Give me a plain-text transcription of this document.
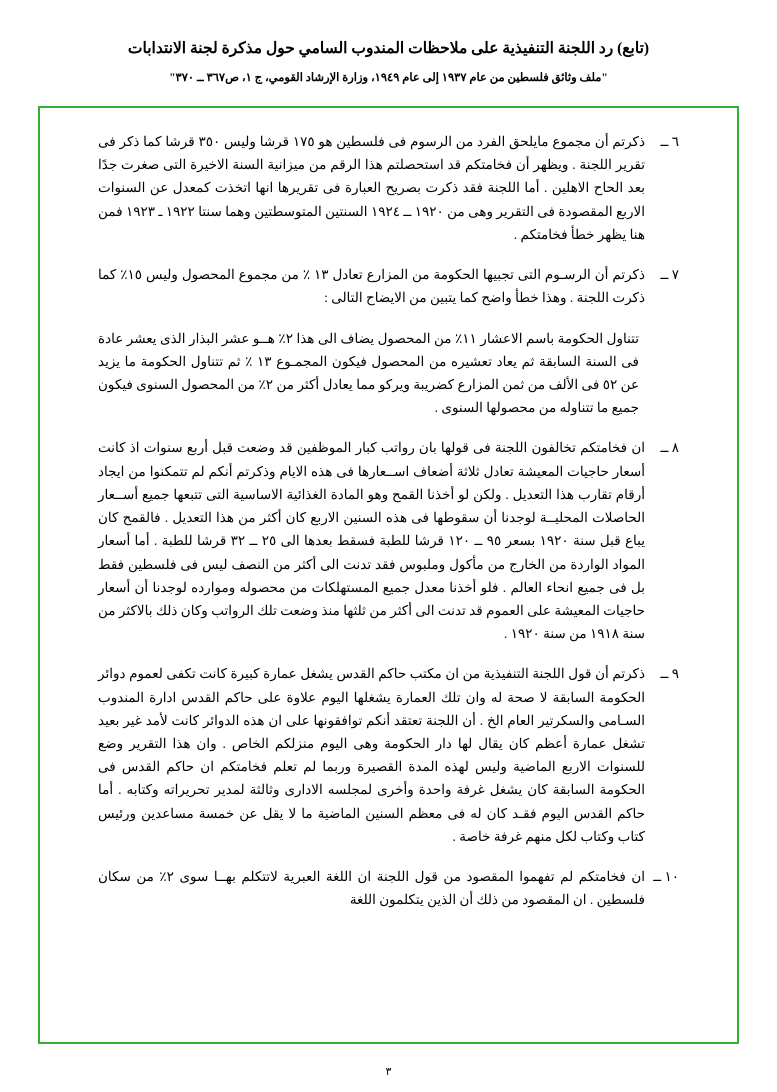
(تابع) رد اللجنة التنفيذية على ملاحظات المندوب السامي حول مذكرة لجنة الانتدابات
"ملف وثائق فلسطين من عام ١٩٣٧ إلى عام ١٩٤٩، وزارة الإرشاد القومي، ج ١، ص٣٦٧ ــ ٣٧٠"
٦ ــ
ذكرتم أن مجموع مايلحق الفرد من الرسوم فى فلسطين هو ١٧٥ قرشا وليس ٣٥٠ قرشا كما ذكر فى تقرير اللجنة . ويظهر أن فخامتكم قد استحصلتم هذا الرقم من ميزانية السنة الاخيرة التى صغرت جدًا بعد الحاح الاهلين . أما اللجنة فقد ذكرت بصريح العبارة فى تقريرها انها اتخذت كمعدل عن السنوات الاربع المقصودة فى التقرير وهى من ١٩٢٠ ــ ١٩٢٤ السنتين المتوسطتين وهما سنتا ١٩٢٢ ـ ١٩٢٣ فمن هنا يظهر خطأ فخامتكم .
٧ ــ
ذكرتم أن الرسـوم التى تجبيها الحكومة من المزارع تعادل ١٣ ٪ من مجموع المحصول وليس ١٥٪ كما ذكرت اللجنة . وهذا خطأ واضح كما يتبين من الايضاح التالى :
تتناول الحكومة باسم الاعشار ١١٪ من المحصول يضاف الى هذا ٢٪ هــو عشر البذار الذى يعشر عادة فى السنة السابقة ثم يعاد تعشيره من المحصول فيكون المجمـوع ١٣ ٪ ثم تتناول الحكومة ما يزيد عن ٥٢ فى الألف من ثمن المزارع كضريبة ويركو مما يعادل أكثر من ٢٪ من المحصول السنوى فيكون جميع ما تتناوله من محصولها السنوى .
٨ ــ
ان فخامتكم تخالفون اللجنة فى قولها بان رواتب كبار الموظفين قد وضعت قبل أربع سنوات اذ كانت أسعار حاجيات المعيشة تعادل ثلاثة أضعاف اســعارها فى هذه الايام وذكرتم أنكم لم تتمكنوا من ايجاد أرقام تقارب هذا التعديل . ولكن لو أخذنا القمح وهو المادة الغذائية الاساسية التى تتبعها جميع أســعار الحاصلات المحليــة لوجدنا أن سقوطها فى هذه السنين الاربع كان أكثر من هذا التعديل . فالقمح كان يباع قبل سنة ١٩٢٠ بسعر ٩٥ ــ ١٢٠ قرشا للطبة فسقط بعدها الى ٢٥ ــ ٣٢ قرشا للطبة . أما أسعار المواد الواردة من الخارج من مأكول وملبوس فقد تدنت الى أكثر من النصف ليس فى فلسطين فقط بل فى جميع انحاء العالم . فلو أخذنا معدل جميع المستهلكات من محصوله وموارده لوجدنا أن أسعار حاجيات المعيشة على العموم قد تدنت الى أكثر من ثلثها منذ وضعت تلك الرواتب وكان ذلك بالاكثر من سنة ١٩١٨ من سنة ١٩٢٠ .
٩ ــ
ذكرتم أن قول اللجنة التنفيذية من ان مكتب حاكم القدس يشغل عمارة كبيرة كانت تكفى لعموم دوائر الحكومة السابقة لا صحة له وان تلك العمارة يشغلها اليوم علاوة على حاكم القدس ادارة المندوب السـامى والسكرتير العام الخ . أن اللجنة تعتقد أنكم توافقونها على ان هذه الدوائر كانت لأمد غير بعيد تشغل عمارة أعظم كان يقال لها دار الحكومة وهى اليوم منزلكم الخاص . وان هذا التقرير وضع للسنوات الاربع الماضية وليس لهذه المدة القصيرة وربما لم تعلم فخامتكم ان حاكم القدس فى الحكومة السابقة كان يشغل غرفة واحدة وأخرى لمجلسه الادارى وثالثة لمدير تحريراته وكتابه . أما حاكم القدس اليوم فقـد كان له فى معظم السنين الماضية ما لا يقل عن خمسة مساعدين ورئيس كتاب وكتاب لكل منهم غرفة خاصة .
١٠ ــ
ان فخامتكم لم تفهموا المقصود من قول اللجنة ان اللغة العبرية لاتتكلم بهــا سوى ٢٪ من سكان فلسطين . ان المقصود من ذلك أن الذين يتكلمون اللغة
٣
